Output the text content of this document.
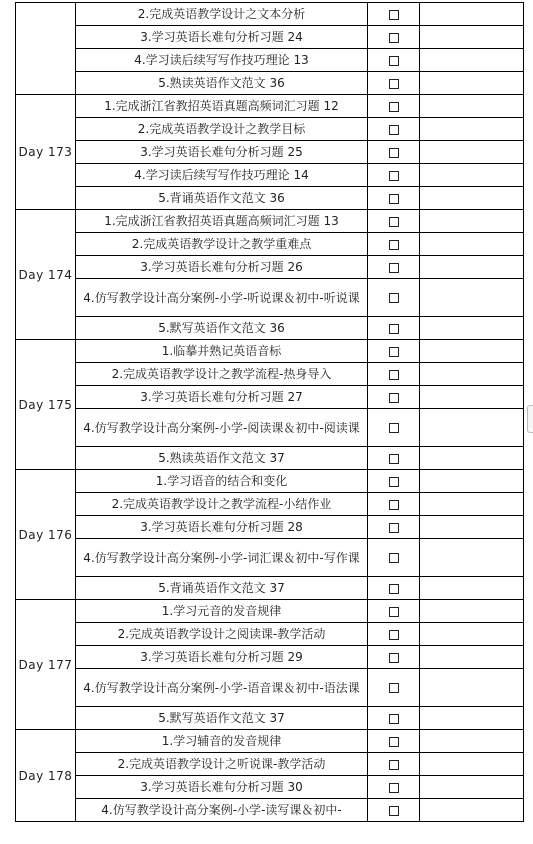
	2.完成英语教学设计之文本分析		
	3.学习英语长难句分析习题 24		
	4.学习读后续写写作技巧理论 13		
	5.熟读英语作文范文 36		
Day 173	1.完成浙江省教招英语真题高频词汇习题 12		
	2.完成英语教学设计之教学目标		
	3.学习英语长难句分析习题 25		
	4.学习读后续写写作技巧理论 14		
	5.背诵英语作文范文 36		
Day 174	1.完成浙江省教招英语真题高频词汇习题 13		
	2.完成英语教学设计之教学重难点		
	3.学习英语长难句分析习题 26		
	4.仿写教学设计高分案例-小学-听说课＆初中-听说课		
	5.默写英语作文范文 36		
Day 175	1.临摹并熟记英语音标		
	2.完成英语教学设计之教学流程-热身导入		
	3.学习英语长难句分析习题 27		
	4.仿写教学设计高分案例-小学-阅读课＆初中-阅读课		
	5.熟读英语作文范文 37		
Day 176	1.学习语音的结合和变化		
	2.完成英语教学设计之教学流程-小结作业		
	3.学习英语长难句分析习题 28		
	4.仿写教学设计高分案例-小学-词汇课＆初中-写作课		
	5.背诵英语作文范文 37		
Day 177	1.学习元音的发音规律		
	2.完成英语教学设计之阅读课-教学活动		
	3.学习英语长难句分析习题 29		
	4.仿写教学设计高分案例-小学-语音课＆初中-语法课		
	5.默写英语作文范文 37		
Day 178	1.学习辅音的发音规律		
	2.完成英语教学设计之听说课-教学活动		
	3.学习英语长难句分析习题 30		
	4.仿写教学设计高分案例-小学-读写课＆初中-		
